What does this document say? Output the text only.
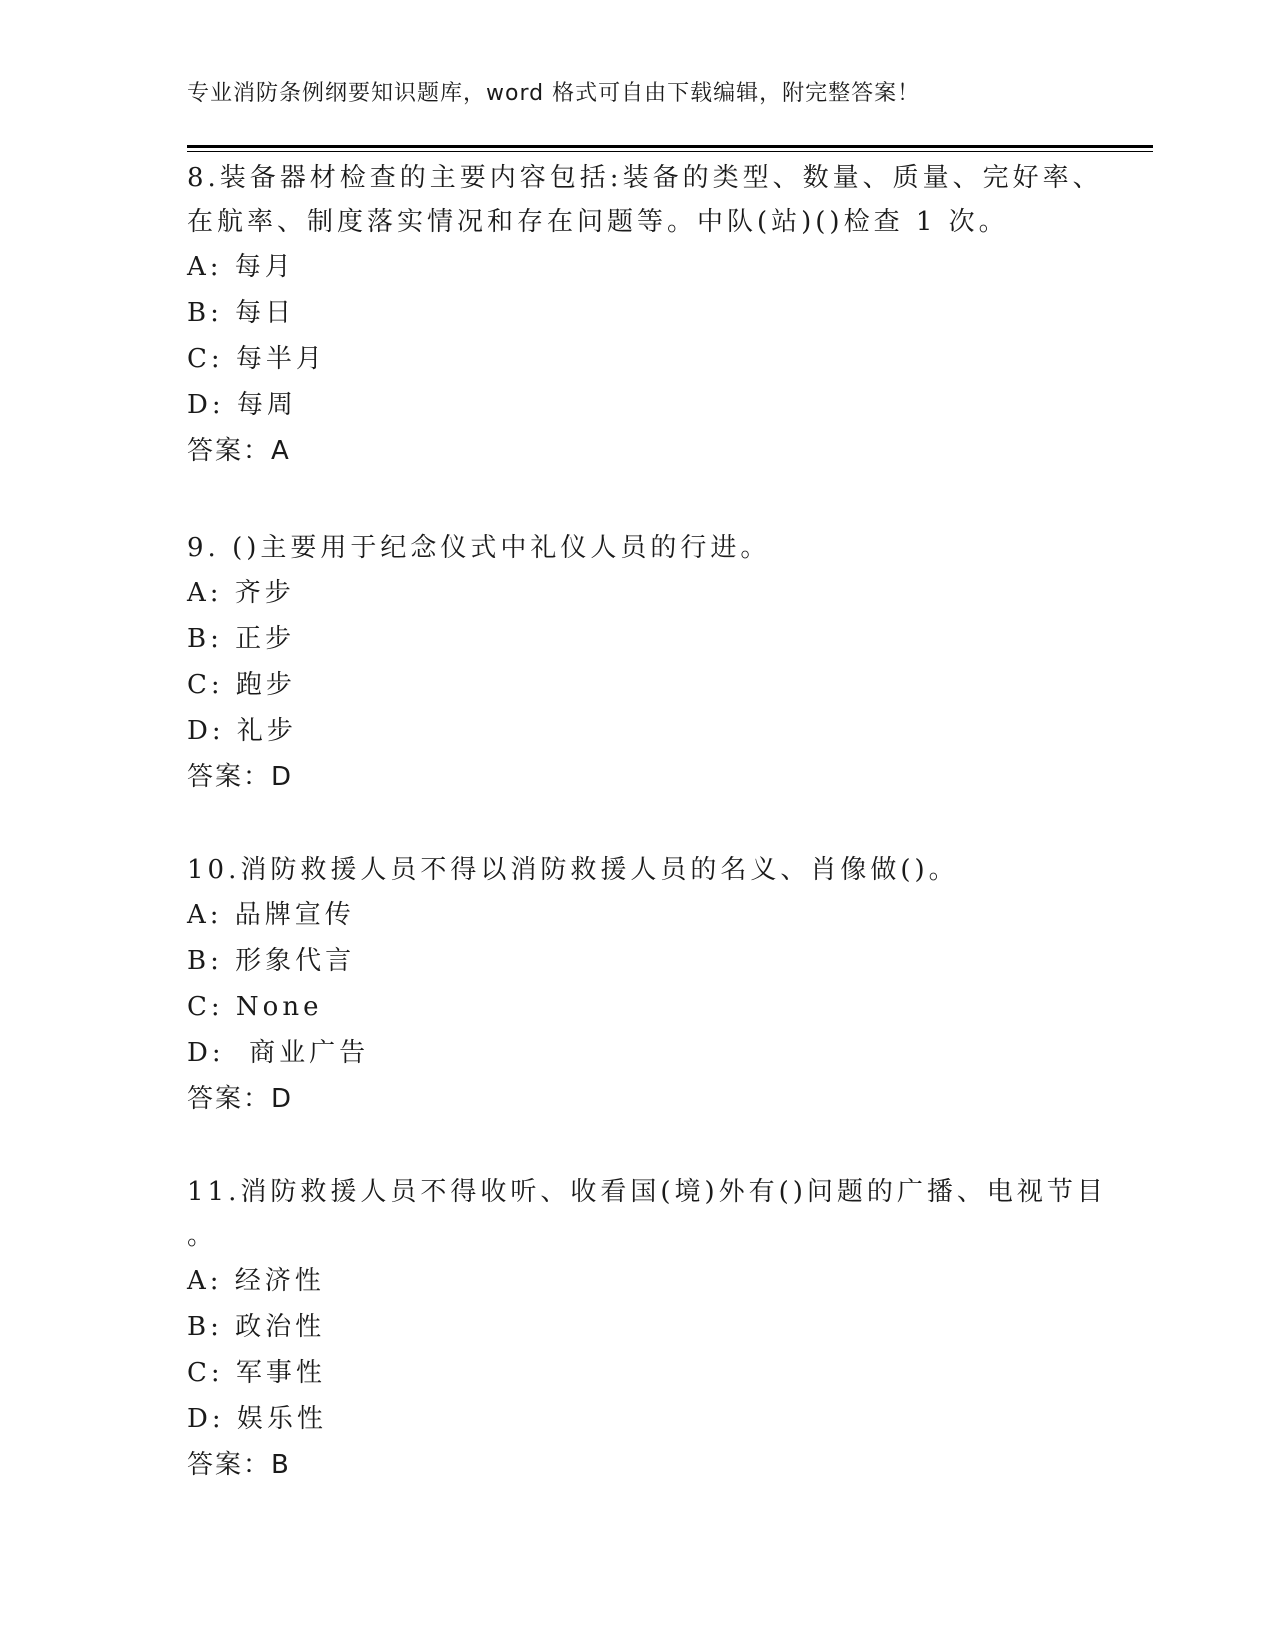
专业消防条例纲要知识题库，word 格式可自由下载编辑，附完整答案！
8.装备器材检查的主要内容包括:装备的类型、数量、质量、完好率、
在航率、制度落实情况和存在问题等。中队(站)()检查 1 次。
A: 每月
B: 每日
C: 每半月
D: 每周
答案：A
9. ()主要用于纪念仪式中礼仪人员的行进。
A: 齐步
B: 正步
C: 跑步
D: 礼步
答案：D
10.消防救援人员不得以消防救援人员的名义、肖像做()。
A: 品牌宣传
B: 形象代言
C: None
D:  商业广告
答案：D
11.消防救援人员不得收听、收看国(境)外有()问题的广播、电视节目
。
A: 经济性
B: 政治性
C: 军事性
D: 娱乐性
答案：B
